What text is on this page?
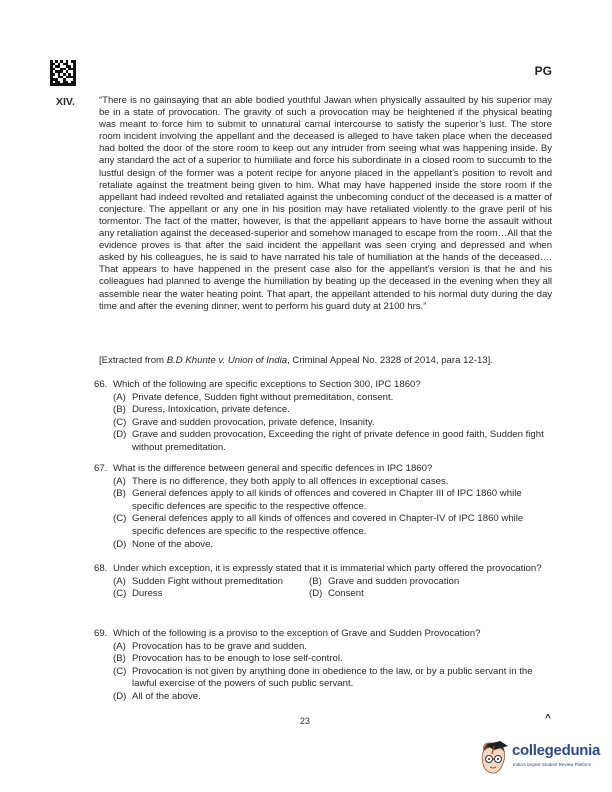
PG
XIV.	“There is no gainsaying that an able bodied youthful Jawan when physically assaulted by his superior may be in a state of provocation. The gravity of such a provocation may be heightened if the physical beating was meant to force him to submit to unnatural carnal intercourse to satisfy the superior’s lust. The store room incident involving the appellant and the deceased is alleged to have taken place when the deceased had bolted the door of the store room to keep out any intruder from seeing what was happening inside. By any standard the act of a superior to humiliate and force his subordinate in a closed room to succumb to the lustful design of the former was a potent recipe for anyone placed in the appellant’s position to revolt and retaliate against the treatment being given to him. What may have happened inside the store room if the appellant had indeed revolted and retaliated against the unbecoming conduct of the deceased is a matter of conjecture. The appellant or any one in his position may have retaliated violently to the grave peril of his tormentor. The fact of the matter, however, is that the appellant appears to have borne the assault without any retaliation against the deceased-superior and somehow managed to escape from the room…All that the evidence proves is that after the said incident the appellant was seen crying and depressed and when asked by his colleagues, he is said to have narrated his tale of humiliation at the hands of the deceased…. That appears to have happened in the present case also for the appellant’s version is that he and his colleagues had planned to avenge the humiliation by beating up the deceased in the evening when they all assemble near the water heating point. That apart, the appellant attended to his normal duty during the day time and after the evening dinner, went to perform his guard duty at 2100 hrs.”
[Extracted from B.D Khunte v. Union of India, Criminal Appeal No. 2328 of 2014, para 12-13].
66. Which of the following are specific exceptions to Section 300, IPC 1860?
(A) Private defence, Sudden fight without premeditation, consent.
(B) Duress, Intoxication, private defence.
(C) Grave and sudden provocation, private defence, Insanity.
(D) Grave and sudden provocation, Exceeding the right of private defence in good faith, Sudden fight without premeditation.
67. What is the difference between general and specific defences in IPC 1860?
(A) There is no difference, they both apply to all offences in exceptional cases.
(B) General defences apply to all kinds of offences and covered in Chapter III of IPC 1860 while specific defences are specific to the respective offence.
(C) General defences apply to all kinds of offences and covered in Chapter-IV of IPC 1860 while specific defences are specific to the respective offence.
(D) None of the above.
68. Under which exception, it is expressly stated that it is immaterial which party offered the provocation?
(A) Sudden Fight without premeditation	(B) Grave and sudden provocation
(C) Duress	(D) Consent
69. Which of the following is a proviso to the exception of Grave and Sudden Provocation?
(A) Provocation has to be grave and sudden.
(B) Provocation has to be enough to lose self-control.
(C) Provocation is not given by anything done in obedience to the law, or by a public servant in the lawful exercise of the powers of such public servant.
(D) All of the above.
23	^
collegedunia
India's largest Student Review Platform
